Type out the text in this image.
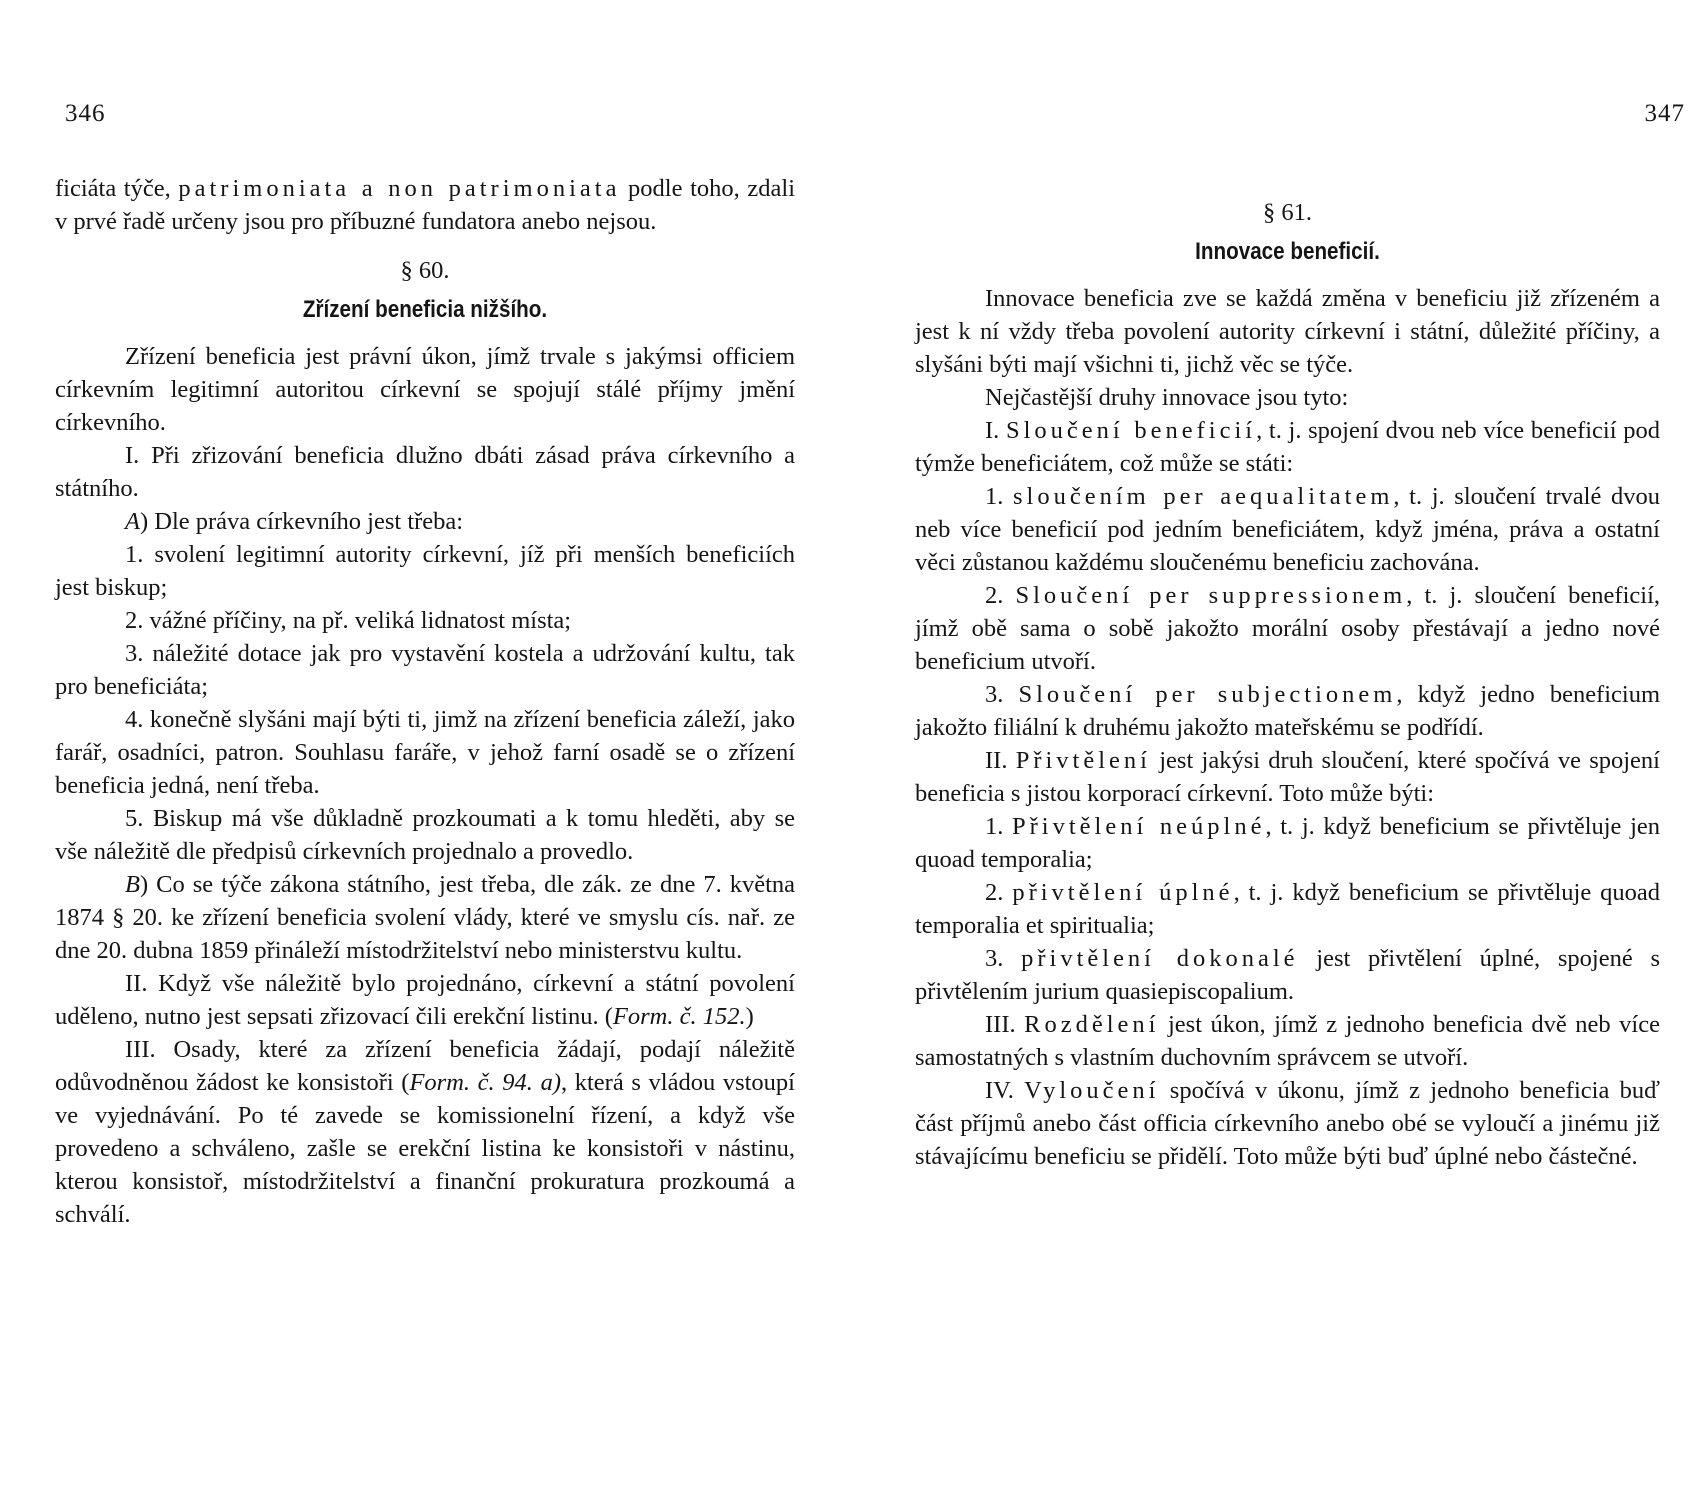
346

ficiáta týče, patrimoniata a non patrimoniata podle toho, zdali v prvé řadě určeny jsou pro příbuzné fundatora anebo nejsou.

§ 60.

Zřízení beneficia nižšího.

Zřízení beneficia jest právní úkon, jímž trvale s jakýmsi officiem církevním legitimní autoritou církevní se spojují stálé příjmy jmění církevního.

I. Při zřizování beneficia dlužno dbáti zásad práva církevního a státního.

A) Dle práva církevního jest třeba:

1. svolení legitimní autority církevní, jíž při menších beneficiích jest biskup;

2. vážné příčiny, na př. veliká lidnatost místa;

3. náležité dotace jak pro vystavění kostela a udržování kultu, tak pro beneficiáta;

4. konečně slyšáni mají býti ti, jimž na zřízení beneficia záleží, jako farář, osadníci, patron. Souhlasu faráře, v jehož farní osadě se o zřízení beneficia jedná, není třeba.

5. Biskup má vše důkladně prozkoumati a k tomu hleděti, aby se vše náležitě dle předpisů církevních projednalo a provedlo.

B) Co se týče zákona státního, jest třeba, dle zák. ze dne 7. května 1874 § 20. ke zřízení beneficia svolení vlády, které ve smyslu cís. nař. ze dne 20. dubna 1859 přináleží místodržitelství nebo ministerstvu kultu.

II. Když vše náležitě bylo projednáno, církevní a státní povolení uděleno, nutno jest sepsati zřizovací čili erekční listinu. (Form. č. 152.)

III. Osady, které za zřízení beneficia žádají, podají náležitě odůvodněnou žádost ke konsistoři (Form. č. 94. a), která s vládou vstoupí ve vyjednávání. Po té zavede se komissionelní řízení, a když vše provedeno a schváleno, zašle se erekční listina ke konsistoři v nástinu, kterou konsistoř, místodržitelství a finanční prokuratura prozkoumá a schválí.

347

§ 61.

Innovace beneficií.

Innovace beneficia zve se každá změna v beneficiu již zřízeném a jest k ní vždy třeba povolení autority církevní i státní, důležité příčiny, a slyšáni býti mají všichni ti, jichž věc se týče.

Nejčastější druhy innovace jsou tyto:

I. Sloučení beneficií, t. j. spojení dvou neb více beneficií pod týmže beneficiátem, což může se státi:

1. sloučením per aequalitatem, t. j. sloučení trvalé dvou neb více beneficií pod jedním beneficiátem, když jména, práva a ostatní věci zůstanou každému sloučenému beneficiu zachována.

2. Sloučení per suppressionem, t. j. sloučení beneficií, jímž obě sama o sobě jakožto morální osoby přestávají a jedno nové beneficium utvoří.

3. Sloučení per subjectionem, když jedno beneficium jakožto filiální k druhému jakožto mateřskému se podřídí.

II. Přivtělení jest jakýsi druh sloučení, které spočívá ve spojení beneficia s jistou korporací církevní. Toto může býti:

1. Přivtělení neúplné, t. j. když beneficium se přivtěluje jen quoad temporalia;

2. přivtělení úplné, t. j. když beneficium se přivtěluje quoad temporalia et spiritualia;

3. přivtělení dokonalé jest přivtělení úplné, spojené s přivtělením jurium quasiepiscopalium.

III. Rozdělení jest úkon, jímž z jednoho beneficia dvě neb více samostatných s vlastním duchovním správcem se utvoří.

IV. Vyloučení spočívá v úkonu, jímž z jednoho beneficia buď část příjmů anebo část officia církevního anebo obé se vyloučí a jinému již stávajícímu beneficiu se přidělí. Toto může býti buď úplné nebo částečné.
